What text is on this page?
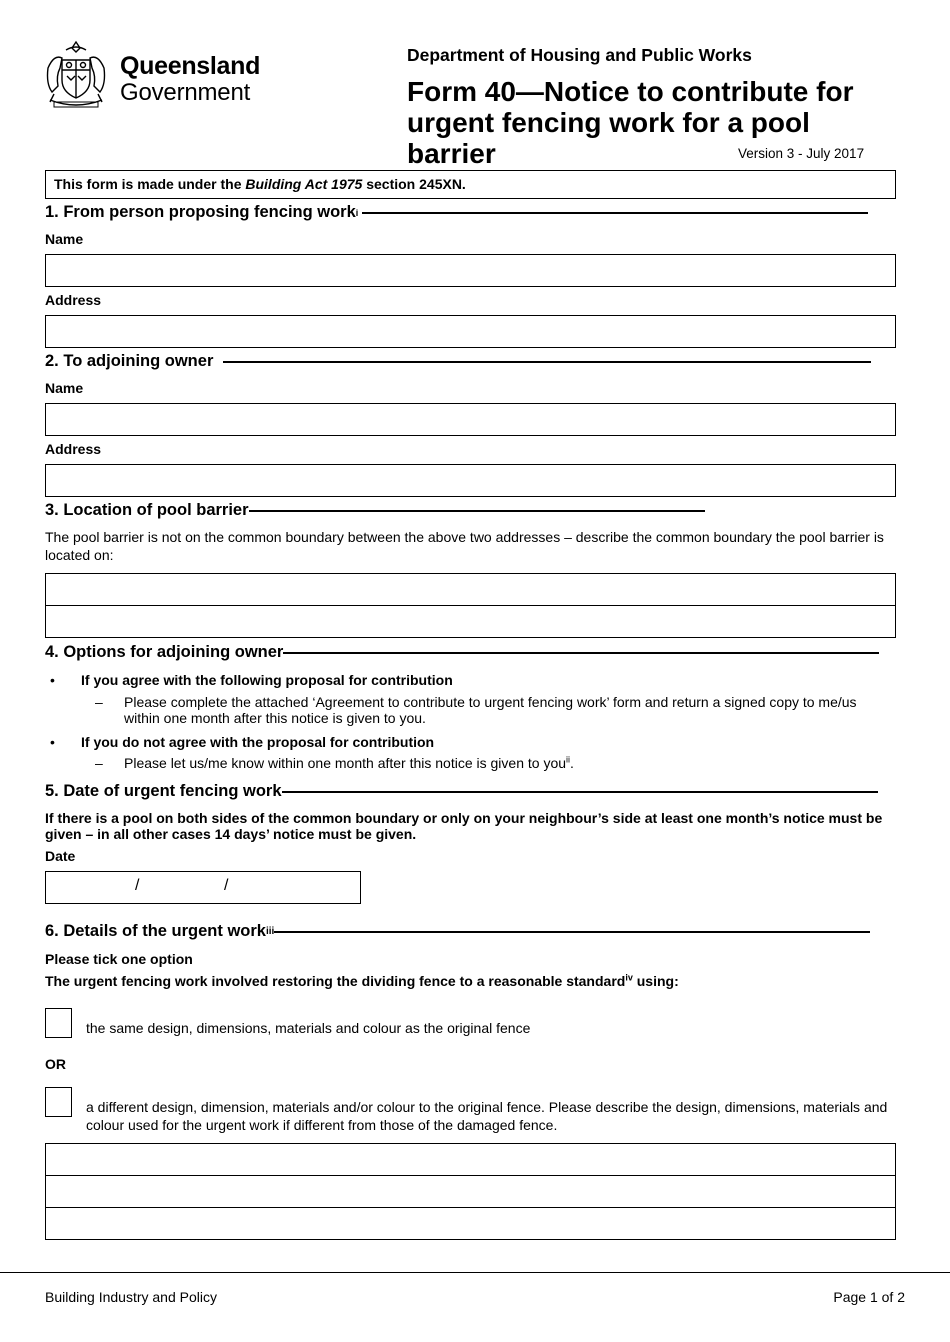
Queensland
Government
Department of Housing and Public Works
Form 40—Notice to contribute for urgent fencing work for a pool barrier	Version 3 - July 2017
This form is made under the Building Act 1975 section 245XN.
1. From person proposing fencing work i
Name
Address
2. To adjoining owner
Name
Address
3. Location of pool barrier
The pool barrier is not on the common boundary between the above two addresses – describe the common boundary the pool barrier is located on:
4. Options for adjoining owner
• If you agree with the following proposal for contribution
– Please complete the attached ‘Agreement to contribute to urgent fencing work’ form and return a signed copy to me/us within one month after this notice is given to you.
• If you do not agree with the proposal for contribution
– Please let us/me know within one month after this notice is given to you$^{ii}$.
5. Date of urgent fencing work
If there is a pool on both sides of the common boundary or only on your neighbour’s side at least one month’s notice must be given – in all other cases 14 days’ notice must be given.
Date
/	/
6. Details of the urgent work iii
Please tick one option
The urgent fencing work involved restoring the dividing fence to a reasonable standard$^{iv}$ using:
the same design, dimensions, materials and colour as the original fence
OR
a different design, dimension, materials and/or colour to the original fence. Please describe the design, dimensions, materials and colour used for the urgent work if different from those of the damaged fence.
Building Industry and Policy	Page 1 of 2
